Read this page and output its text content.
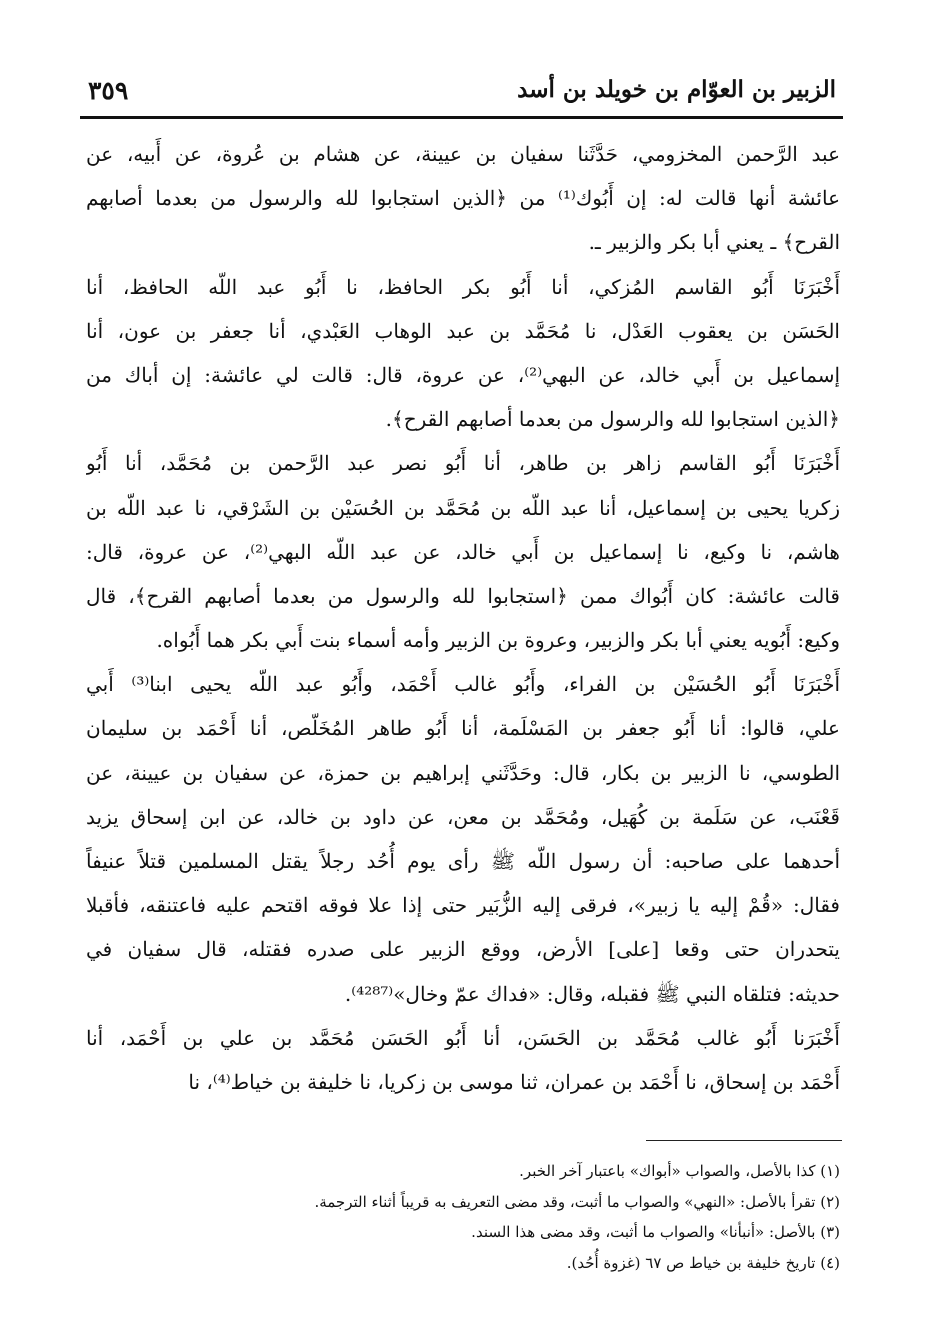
الزبير بن العوّام بن خويلد بن أسد
٣٥٩
عبد الرَّحمن المخزومي، حَدَّثَنا سفيان بن عيينة، عن هشام بن عُروة، عن أَبيه، عن
عائشة أنها قالت له: إن أَبُوك⁽¹⁾ من ﴿الذين استجابوا لله والرسول من بعدما أصابهم
القرح﴾ ـ يعني أبا بكر والزبير ـ.
أَخْبَرَنَا أَبُو القاسم المُزكي، أنا أَبُو بكر الحافظ، نا أَبُو عبد اللّه الحافظ، أنا
الحَسَن بن يعقوب العَدْل، نا مُحَمَّد بن عبد الوهاب العَبْدي، أنا جعفر بن عون، أنا
إسماعيل بن أَبي خالد، عن البهي⁽²⁾، عن عروة، قال: قالت لي عائشة: إن أباك من
﴿الذين استجابوا لله والرسول من بعدما أصابهم القرح﴾.
أَخْبَرَنَا أَبُو القاسم زاهر بن طاهر، أنا أَبُو نصر عبد الرَّحمن بن مُحَمَّد، أنا أَبُو
زكريا يحيى بن إسماعيل، أنا عبد اللّه بن مُحَمَّد بن الحُسَيْن بن الشَرْقي، نا عبد اللّه بن
هاشم، نا وكيع، نا إسماعيل بن أَبي خالد، عن عبد اللّه البهي⁽²⁾، عن عروة، قال:
قالت عائشة: كان أَبُواك ممن ﴿استجابوا لله والرسول من بعدما أصابهم القرح﴾، قال
وكيع: أَبُويه يعني أبا بكر والزبير، وعروة بن الزبير وأمه أسماء بنت أَبي بكر هما أَبُواه.
أَخْبَرَنَا أَبُو الحُسَيْن بن الفراء، وأَبُو غالب أَحْمَد، وأَبُو عبد اللّه يحيى ابنا⁽³⁾ أَبي
علي، قالوا: أنا أَبُو جعفر بن المَسْلَمة، أنا أَبُو طاهر المُخَلّص، أنا أَحْمَد بن سليمان
الطوسي، نا الزبير بن بكار، قال: وحَدَّثَني إبراهيم بن حمزة، عن سفيان بن عيينة، عن
قَعْنَب، عن سَلَمة بن كُهَيل، ومُحَمَّد بن معن، عن داود بن خالد، عن ابن إسحاق يزيد
أحدهما على صاحبه: أن رسول اللّه ﷺ رأى يوم أُحُد رجلاً يقتل المسلمين قتلاً عنيفاً
فقال: «قُمْ إليه يا زبير»، فرقى إليه الزُّبَير حتى إذا علا فوقه اقتحم عليه فاعتنقه، فأقبلا
يتحدران حتى وقعا [على] الأرض، ووقع الزبير على صدره فقتله، قال سفيان في
حديثه: فتلقاه النبي ﷺ فقبله، وقال: «فداك عمّ وخال»⁽⁴²⁸⁷⁾.
أَخْبَرَنا أَبُو غالب مُحَمَّد بن الحَسَن، أنا أَبُو الحَسَن مُحَمَّد بن علي بن أَحْمَد، أنا
أَحْمَد بن إسحاق، نا أَحْمَد بن عمران، ثنا موسى بن زكريا، نا خليفة بن خياط⁽⁴⁾، نا
(١) كذا بالأصل، والصواب «أبواك» باعتبار آخر الخبر.
(٢) تقرأ بالأصل: «النهي» والصواب ما أثبت، وقد مضى التعريف به قريباً أثناء الترجمة.
(٣) بالأصل: «أنبأنا» والصواب ما أثبت، وقد مضى هذا السند.
(٤) تاريخ خليفة بن خياط ص ٦٧ (غزوة أُحُد).
